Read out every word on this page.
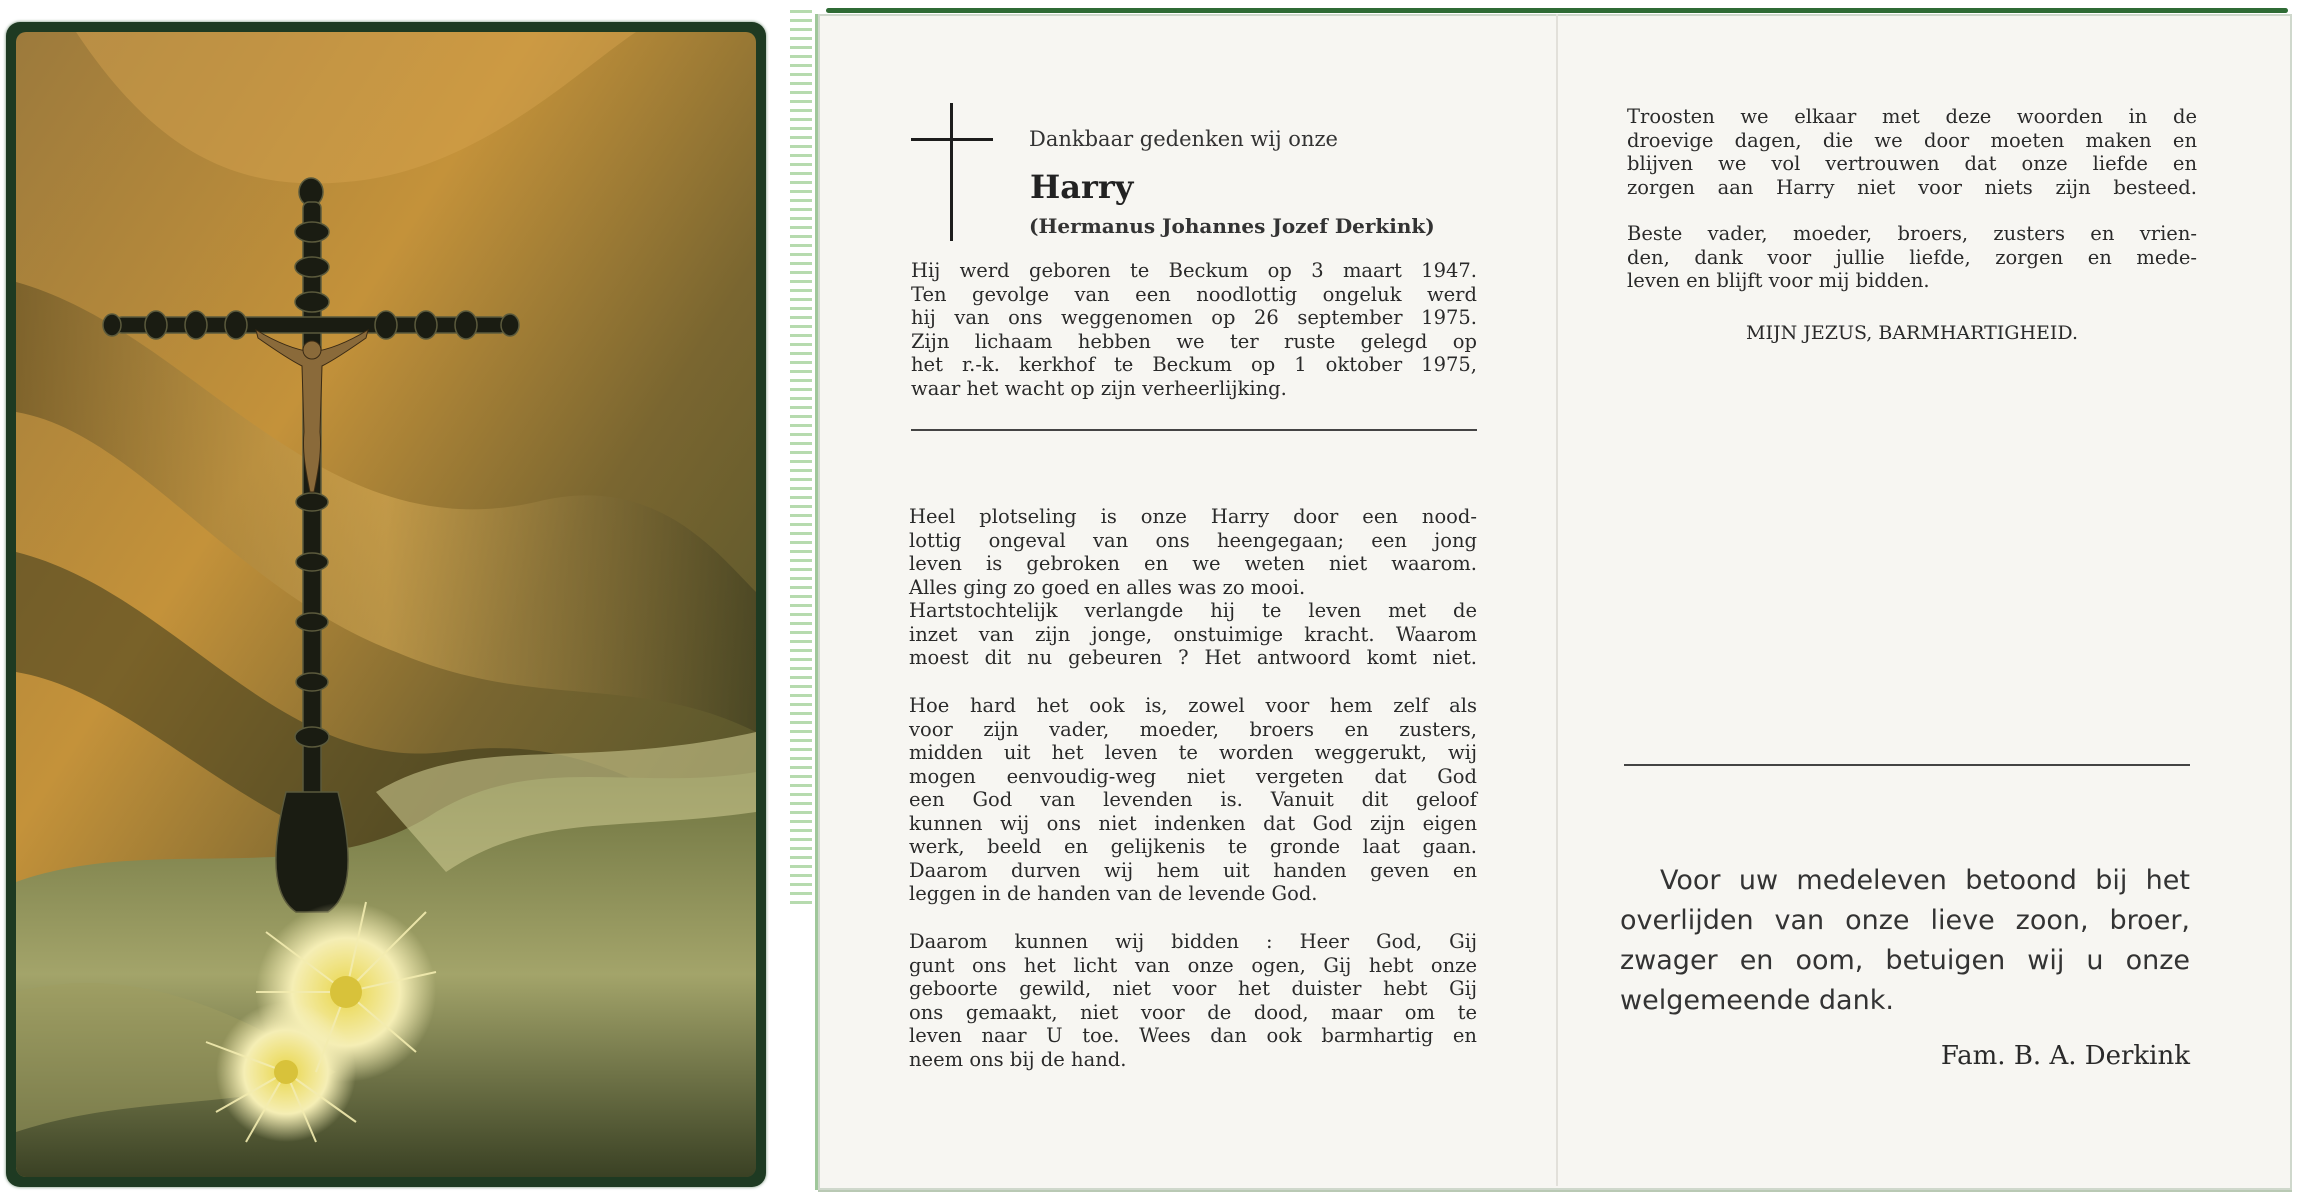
Dankbaar gedenken wij onze
Harry
(Hermanus Johannes Jozef Derkink)
Hij werd geboren te Beckum op 3 maart 1947.
Ten gevolge van een noodlottig ongeluk werd
hij van ons weggenomen op 26 september 1975.
Zijn lichaam hebben we ter ruste gelegd op
het r.-k. kerkhof te Beckum op 1 oktober 1975,
waar het wacht op zijn verheerlijking.
Heel plotseling is onze Harry door een nood-
lottig ongeval van ons heengegaan; een jong
leven is gebroken en we weten niet waarom.
Alles ging zo goed en alles was zo mooi.
Hartstochtelijk verlangde hij te leven met de
inzet van zijn jonge, onstuimige kracht. Waarom
moest dit nu gebeuren ? Het antwoord komt niet.
Hoe hard het ook is, zowel voor hem zelf als
voor zijn vader, moeder, broers en zusters,
midden uit het leven te worden weggerukt, wij
mogen eenvoudig-weg niet vergeten dat God
een God van levenden is. Vanuit dit geloof
kunnen wij ons niet indenken dat God zijn eigen
werk, beeld en gelijkenis te gronde laat gaan.
Daarom durven wij hem uit handen geven en
leggen in de handen van de levende God.
Daarom kunnen wij bidden : Heer God, Gij
gunt ons het licht van onze ogen, Gij hebt onze
geboorte gewild, niet voor het duister hebt Gij
ons gemaakt, niet voor de dood, maar om te
leven naar U toe. Wees dan ook barmhartig en
neem ons bij de hand.
Troosten we elkaar met deze woorden in de
droevige dagen, die we door moeten maken en
blijven we vol vertrouwen dat onze liefde en
zorgen aan Harry niet voor niets zijn besteed.
Beste vader, moeder, broers, zusters en vrien-
den, dank voor jullie liefde, zorgen en mede-
leven en blijft voor mij bidden.
MIJN JEZUS, BARMHARTIGHEID.
Voor uw medeleven betoond bij het
overlijden van onze lieve zoon, broer,
zwager en oom, betuigen wij u onze
welgemeende dank.
Fam. B. A. Derkink
